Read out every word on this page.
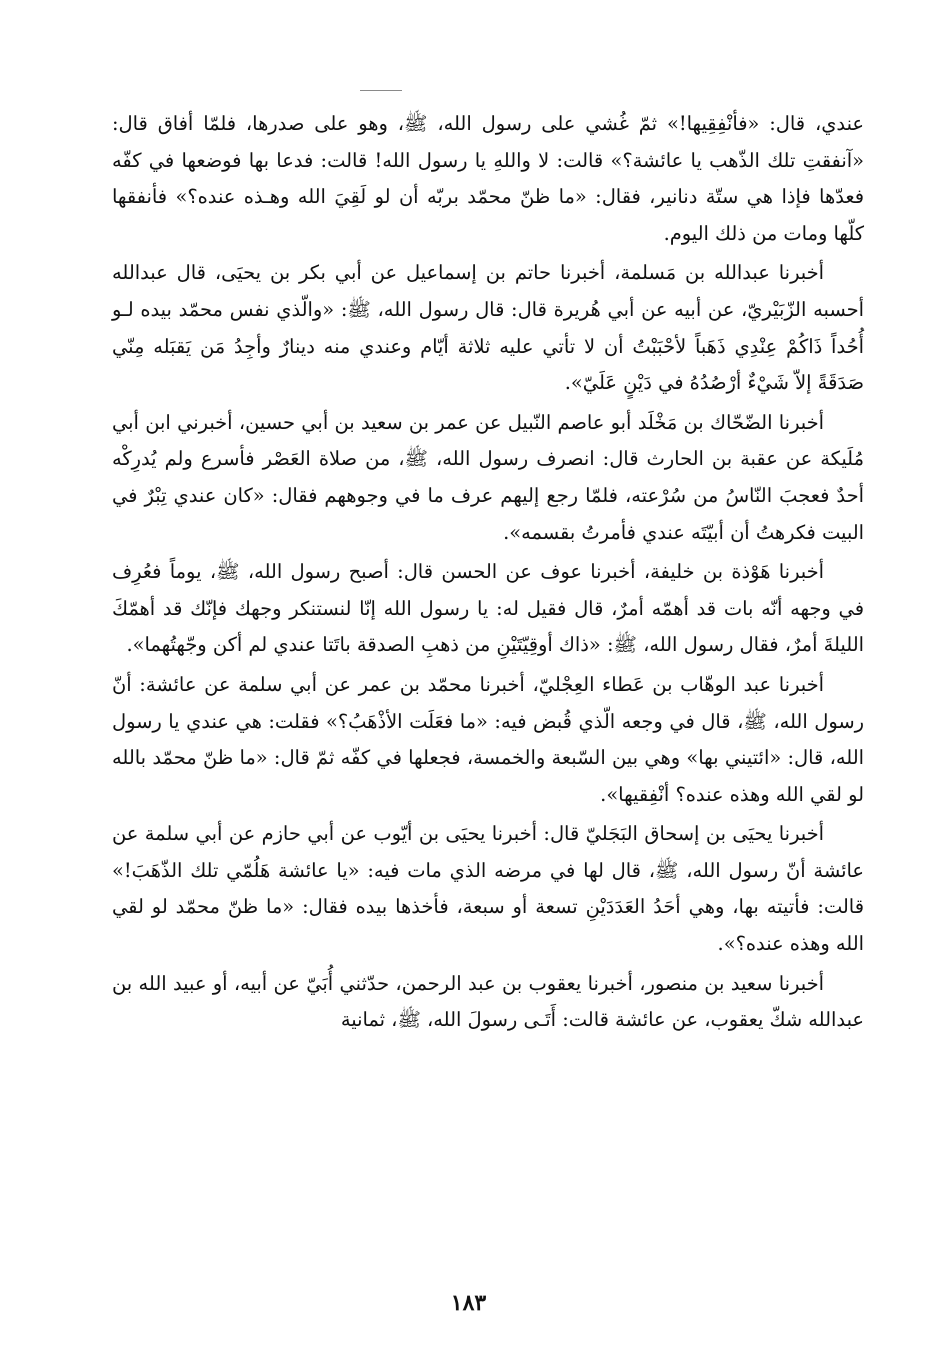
عندي، قال: «فأنْفِقِيها!» ثمّ غُشي على رسول الله، ﷺ، وهو على صدرها، فلمّا أفاق قال: «آنفقتِ تلك الذّهب يا عائشة؟» قالت: لا واللهِ يا رسول الله! قالت: فدعا بها فوضعها في كفّه فعدّها فإذا هي ستّة دنانير، فقال: «ما ظنّ محمّد بربّه أن لو لَقِيَ الله وهـذه عنده؟» فأنفقها كلّها ومات من ذلك اليوم.

أخبرنا عبدالله بن مَسلمة، أخبرنا حاتم بن إسماعيل عن أبي بكر بن يحيَى، قال عبدالله أحسبه الزّبَيْريّ، عن أبيه عن أبي هُريرة قال: قال رسول الله، ﷺ: «والّذي نفس محمّد بيده لـو أُحُداً ذَاكُمْ عِنْدِي ذَهَباً لأحْبَبْتُ أن لا تأتي عليه ثلاثة أيّام وعندي منه دينارٌ وأجِدُ مَن يَقبَله مِنّي صَدَقَةً إلاّ شَيْءٌ أرْصُدُهُ في دَيْنٍ عَلَيّ».

أخبرنا الضّحّاك بن مَخْلَد أبو عاصم النّبيل عن عمر بن سعيد بن أبي حسين، أخبرني ابن أبي مُلَيكة عن عقبة بن الحارث قال: انصرف رسول الله، ﷺ، من صلاة العَصْر فأسرع ولم يُدرِكْه أحدٌ فعجبَ النّاسُ من سُرْعته، فلمّا رجع إليهم عرف ما في وجوههم فقال: «كان عندي تِبْرٌ في البيت فكرهتُ أن أبيّتَه عندي فأمرتُ بقسمه».

أخبرنا هَوْذة بن خليفة، أخبرنا عوف عن الحسن قال: أصبح رسول الله، ﷺ، يوماً فعُرِف في وجهه أنّه بات قد أهمّه أمرٌ، قال فقيل له: يا رسول الله إنّا لنستنكر وجهك فإنّك قد أهمّكَ الليلةَ أمرٌ، فقال رسول الله، ﷺ: «ذاك أوقِيّتَيْنِ من ذهبِ الصدقة باتَتا عندي لم أكن وجّهتُهما».

أخبرنا عبد الوهّاب بن عَطاء العِجْليّ، أخبرنا محمّد بن عمر عن أبي سلمة عن عائشة: أنّ رسول الله، ﷺ، قال في وجعه الّذي قُبض فيه: «ما فعَلَت الأذْهَبُ؟» فقلت: هي عندي يا رسول الله، قال: «ائتيني بها» وهي بين السّبعة والخمسة، فجعلها في كفّه ثمّ قال: «ما ظنّ محمّد بالله لو لقي الله وهذه عنده؟ أنْفِقيها».

أخبرنا يحيَى بن إسحاق البَجَليّ قال: أخبرنا يحيَى بن أيّوب عن أبي حازم عن أبي سلمة عن عائشة أنّ رسول الله، ﷺ، قال لها في مرضه الذي مات فيه: «يا عائشة هَلُمّي تلك الذّهَبَ!» قالت: فأتيته بها، وهي أحَدُ العَدَدَيْنِ تسعة أو سبعة، فأخذها بيده فقال: «ما ظنّ محمّد لو لقي الله وهذه عنده؟».

أخبرنا سعيد بن منصور، أخبرنا يعقوب بن عبد الرحمن، حدّثني أُبَيّ عن أبيه، أو عبيد الله بن عبدالله شكّ يعقوب، عن عائشة قالت: أَتَـى رسولَ الله، ﷺ، ثمانية

١٨٣
